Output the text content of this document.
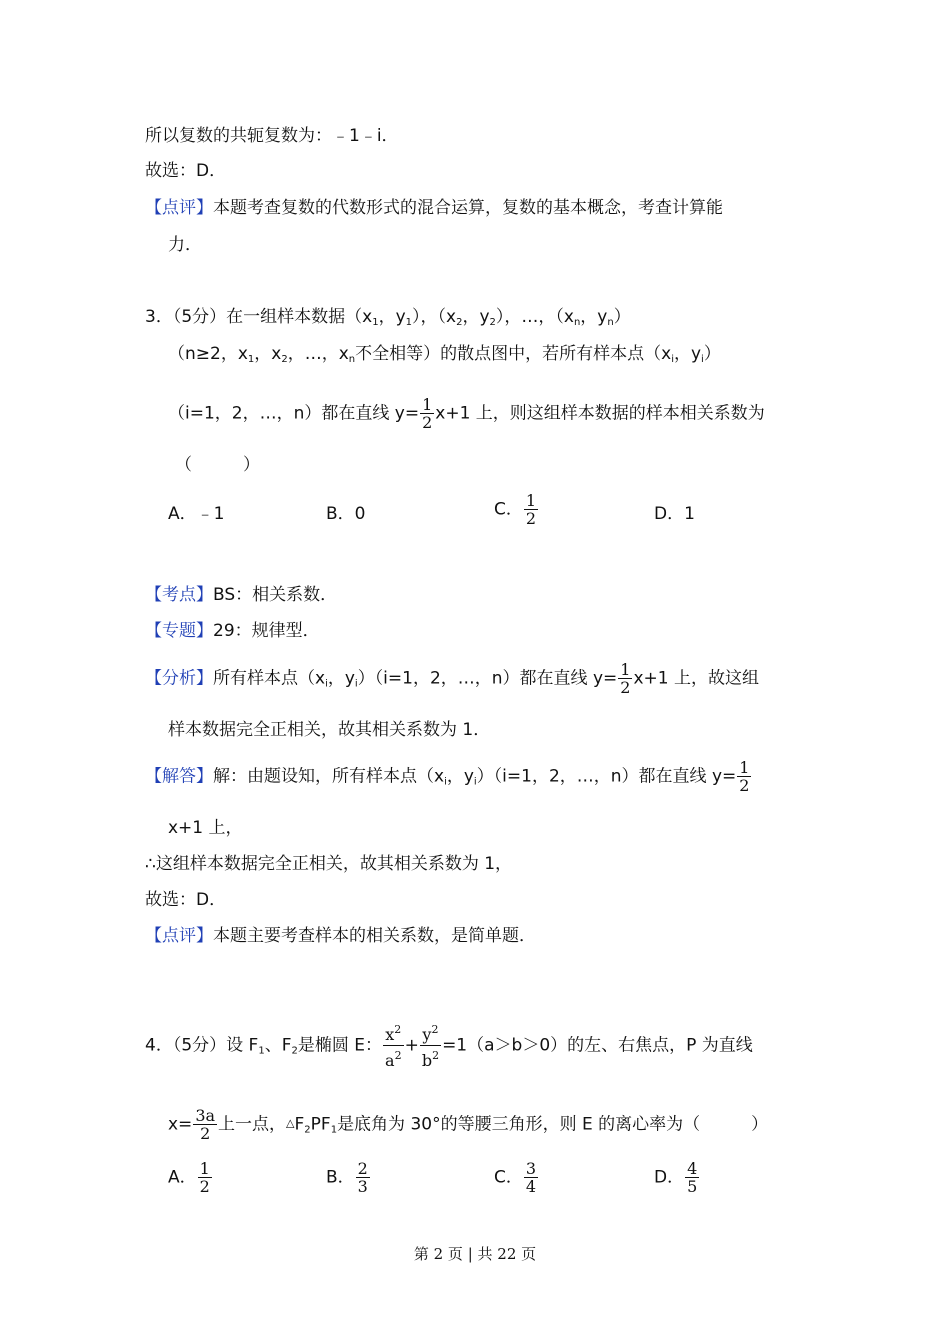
所以复数的共轭复数为：﹣1﹣i．
故选：D．
【点评】本题考查复数的代数形式的混合运算，复数的基本概念，考查计算能
力．
3．（5分）在一组样本数据（$x_1$，$y_1$），（$x_2$，$y_2$），…，（$x_n$，$y_n$）
（n≥2，$x_1$，$x_2$，…，$x_n$不全相等）的散点图中，若所有样本点（$x_i$，$y_i$）
（i=1，2，…，n）都在直线 $y= \frac{1}{2} x+1$ 上，则这组样本数据的样本相关系数为
（　　　）
A．﹣1	B．0	C． $\frac{1}{2}$	D．1
【考点】BS：相关系数．
【专题】29：规律型．
【分析】所有样本点（$x_i$，$y_i)(i=1$，2，…，n）都在直线 $y= \frac{1}{2} x+1$ 上，故这组
样本数据完全正相关，故其相关系数为 1．
【解答】解：由题设知，所有样本点（$x_i$，$y_i)(i=1$，2，…，n）都在直线 $y= \frac{1}{2}$
x+1 上，
∴这组样本数据完全正相关，故其相关系数为 1，
故选：D．
【点评】本题主要考查样本的相关系数，是简单题．
4．（5分）设 $F_1$、$F_2$是椭圆 E： $\frac{x^2}{a^2} + \frac{y^2}{b^2} =1(a>b>0)$的左、右焦点，P 为直线
$x= \frac{3a}{2}$ 上一点，$\triangle F_2PF_1$是底角为 30°的等腰三角形，则 E 的离心率为（　　　）
A． $\frac{1}{2}$	B． $\frac{2}{3}$	C． $\frac{3}{4}$	D． $\frac{4}{5}$
第 2 页 | 共 22 页
